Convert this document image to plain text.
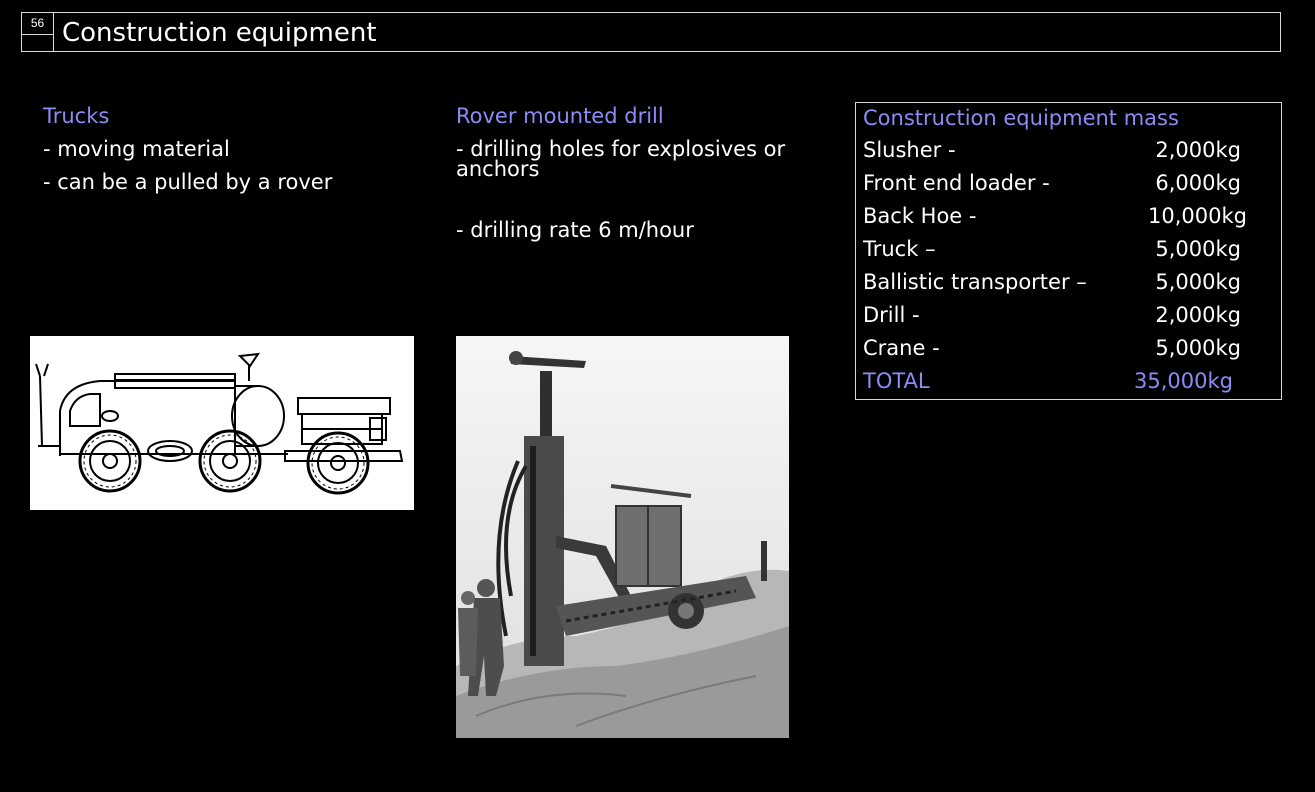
56 Construction equipment
Trucks
- moving material
- can be a pulled by a rover
Rover mounted drill
- drilling holes for explosives or
anchors
- drilling rate 6 m/hour
Construction equipment mass
Slusher -	2,000kg
Front end loader -	6,000kg
Back Hoe -	10,000kg
Truck –	5,000kg
Ballistic transporter –	5,000kg
Drill -	2,000kg
Crane -	5,000kg
TOTAL	35,000kg
